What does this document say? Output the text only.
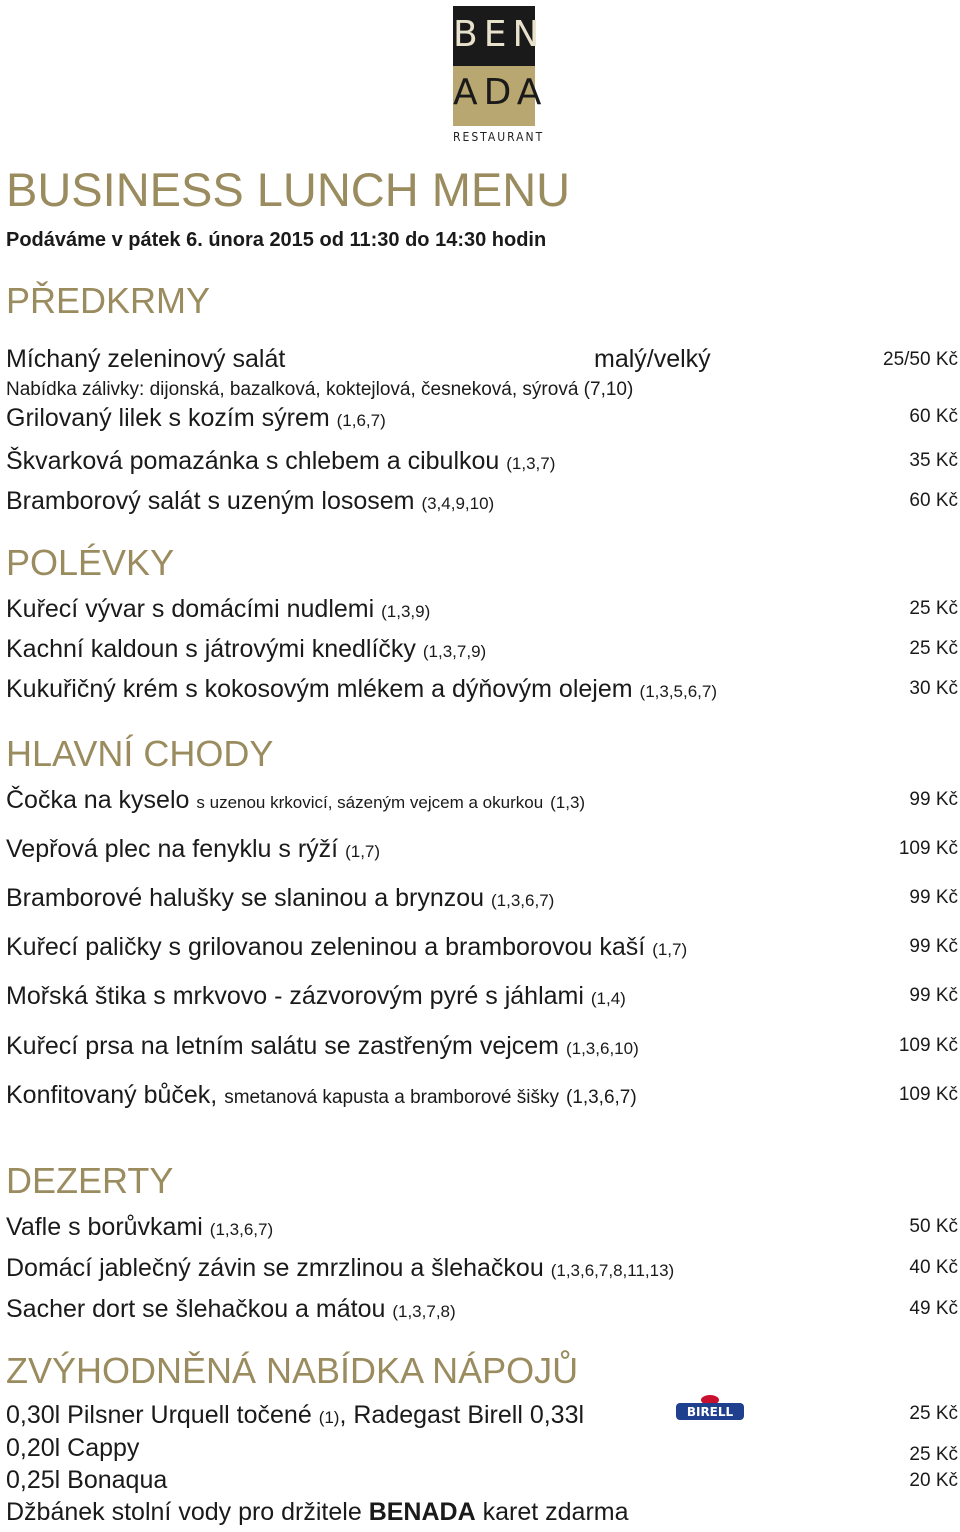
BEN
ADA
RESTAURANT
BUSINESS LUNCH MENU
Podáváme v pátek 6. února 2015 od 11:30 do 14:30 hodin
PŘEDKRMY
Míchaný zeleninový salát	malý/velký	25/50 Kč
Nabídka zálivky: dijonská, bazalková, koktejlová, česneková, sýrová (7,10)
Grilovaný lilek s kozím sýrem (1,6,7)	60 Kč
Škvarková pomazánka s chlebem a cibulkou (1,3,7)	35 Kč
Bramborový salát s uzeným lososem (3,4,9,10)	60 Kč
POLÉVKY
Kuřecí vývar s domácími nudlemi (1,3,9)	25 Kč
Kachní kaldoun s játrovými knedlíčky (1,3,7,9)	25 Kč
Kukuřičný krém s kokosovým mlékem a dýňovým olejem (1,3,5,6,7)	30 Kč
HLAVNÍ CHODY
Čočka na kyselo s uzenou krkovicí, sázeným vejcem a okurkou (1,3)	99 Kč
Vepřová plec na fenyklu s rýží (1,7)	109 Kč
Bramborové halušky se slaninou a brynzou (1,3,6,7)	99 Kč
Kuřecí paličky s grilovanou zeleninou a bramborovou kaší (1,7)	99 Kč
Mořská štika s mrkvovo - zázvorovým pyré s jáhlami (1,4)	99 Kč
Kuřecí prsa na letním salátu se zastřeným vejcem (1,3,6,10)	109 Kč
Konfitovaný bůček, smetanová kapusta a bramborové šišky (1,3,6,7)	109 Kč
DEZERTY
Vafle s borůvkami (1,3,6,7)	50 Kč
Domácí jablečný závin se zmrzlinou a šlehačkou (1,3,6,7,8,11,13)	40 Kč
Sacher dort se šlehačkou a mátou (1,3,7,8)	49 Kč
ZVÝHODNĚNÁ NABÍDKA NÁPOJŮ
0,30l Pilsner Urquell točené (1), Radegast Birell 0,33l	BIRELL	25 Kč
0,20l Cappy	25 Kč
0,25l Bonaqua	20 Kč
Džbánek stolní vody pro držitele BENADA karet zdarma
